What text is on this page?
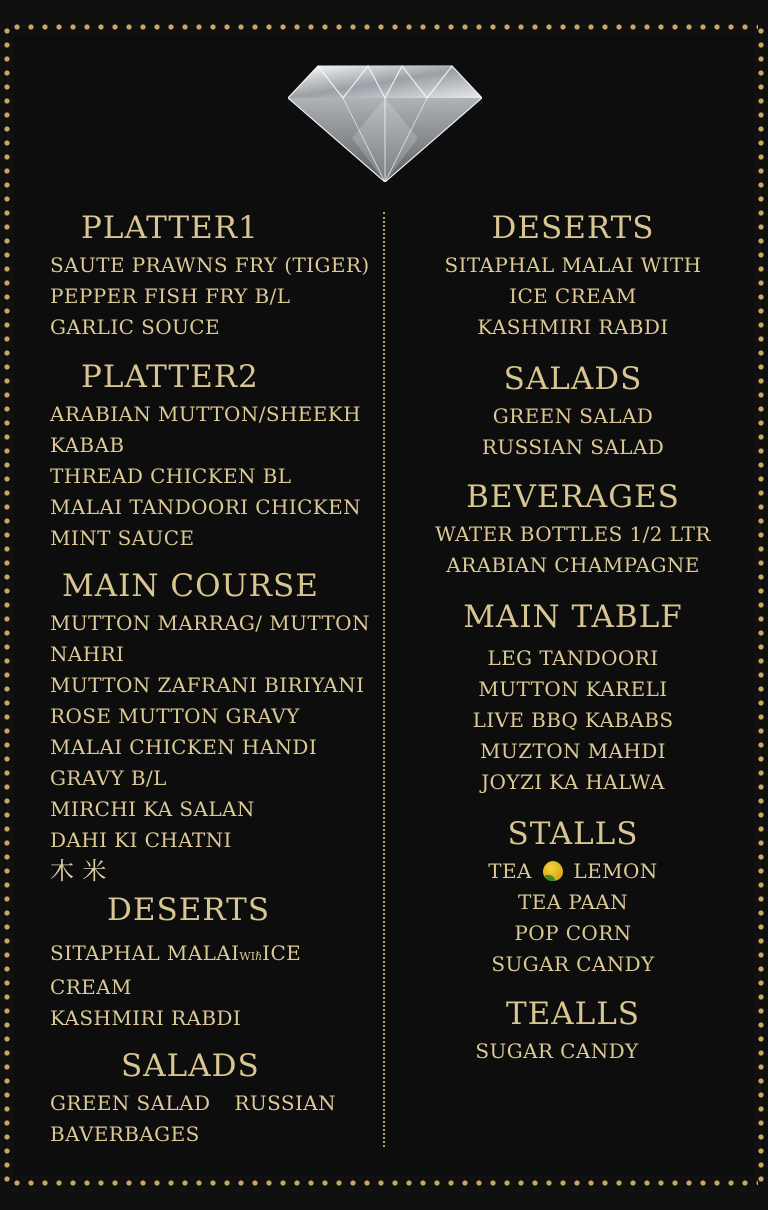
PLATTER1

SAUTE PRAWNS FRY (TIGER)

PEPPER FISH FRY B/L

GARLIC SOUCE

PLATTER2

ARABIAN MUTTON/SHEEKH

KABAB

THREAD CHICKEN BL

MALAI TANDOORI CHICKEN

MINT SAUCE

MAIN COURSE

MUTTON MARRAG/ MUTTON

NAHRI

MUTTON ZAFRANI BIRIYANI

ROSE MUTTON GRAVY

MALAI CHICKEN HANDI

GRAVY B/L

MIRCHI KA SALAN

DAHI KI CHATNI

木 米

DESERTS

SITAPHAL MALAIWIℏICE CREAM

KASHMIRI RABDI

SALADS

GREEN SALAD RUSSIAN

BAVERBAGES

DESERTS

SITAPHAL MALAI WITH

ICE CREAM

KASHMIRI RABDI

SALADS

GREEN SALAD

RUSSIAN SALAD

BEVERAGES

WATER BOTTLES 1/2 LTR

ARABIAN CHAMPAGNE

MAIN TABLF

LEG TANDOORI

MUTTON KARELI

LIVE BBQ KABABS

MUZTON MAHDI

JOYZI KA HALWA

STALLS

TEA LEMON

TEA PAAN

POP CORN

SUGAR CANDY

TEALLS

SUGAR CANDY
